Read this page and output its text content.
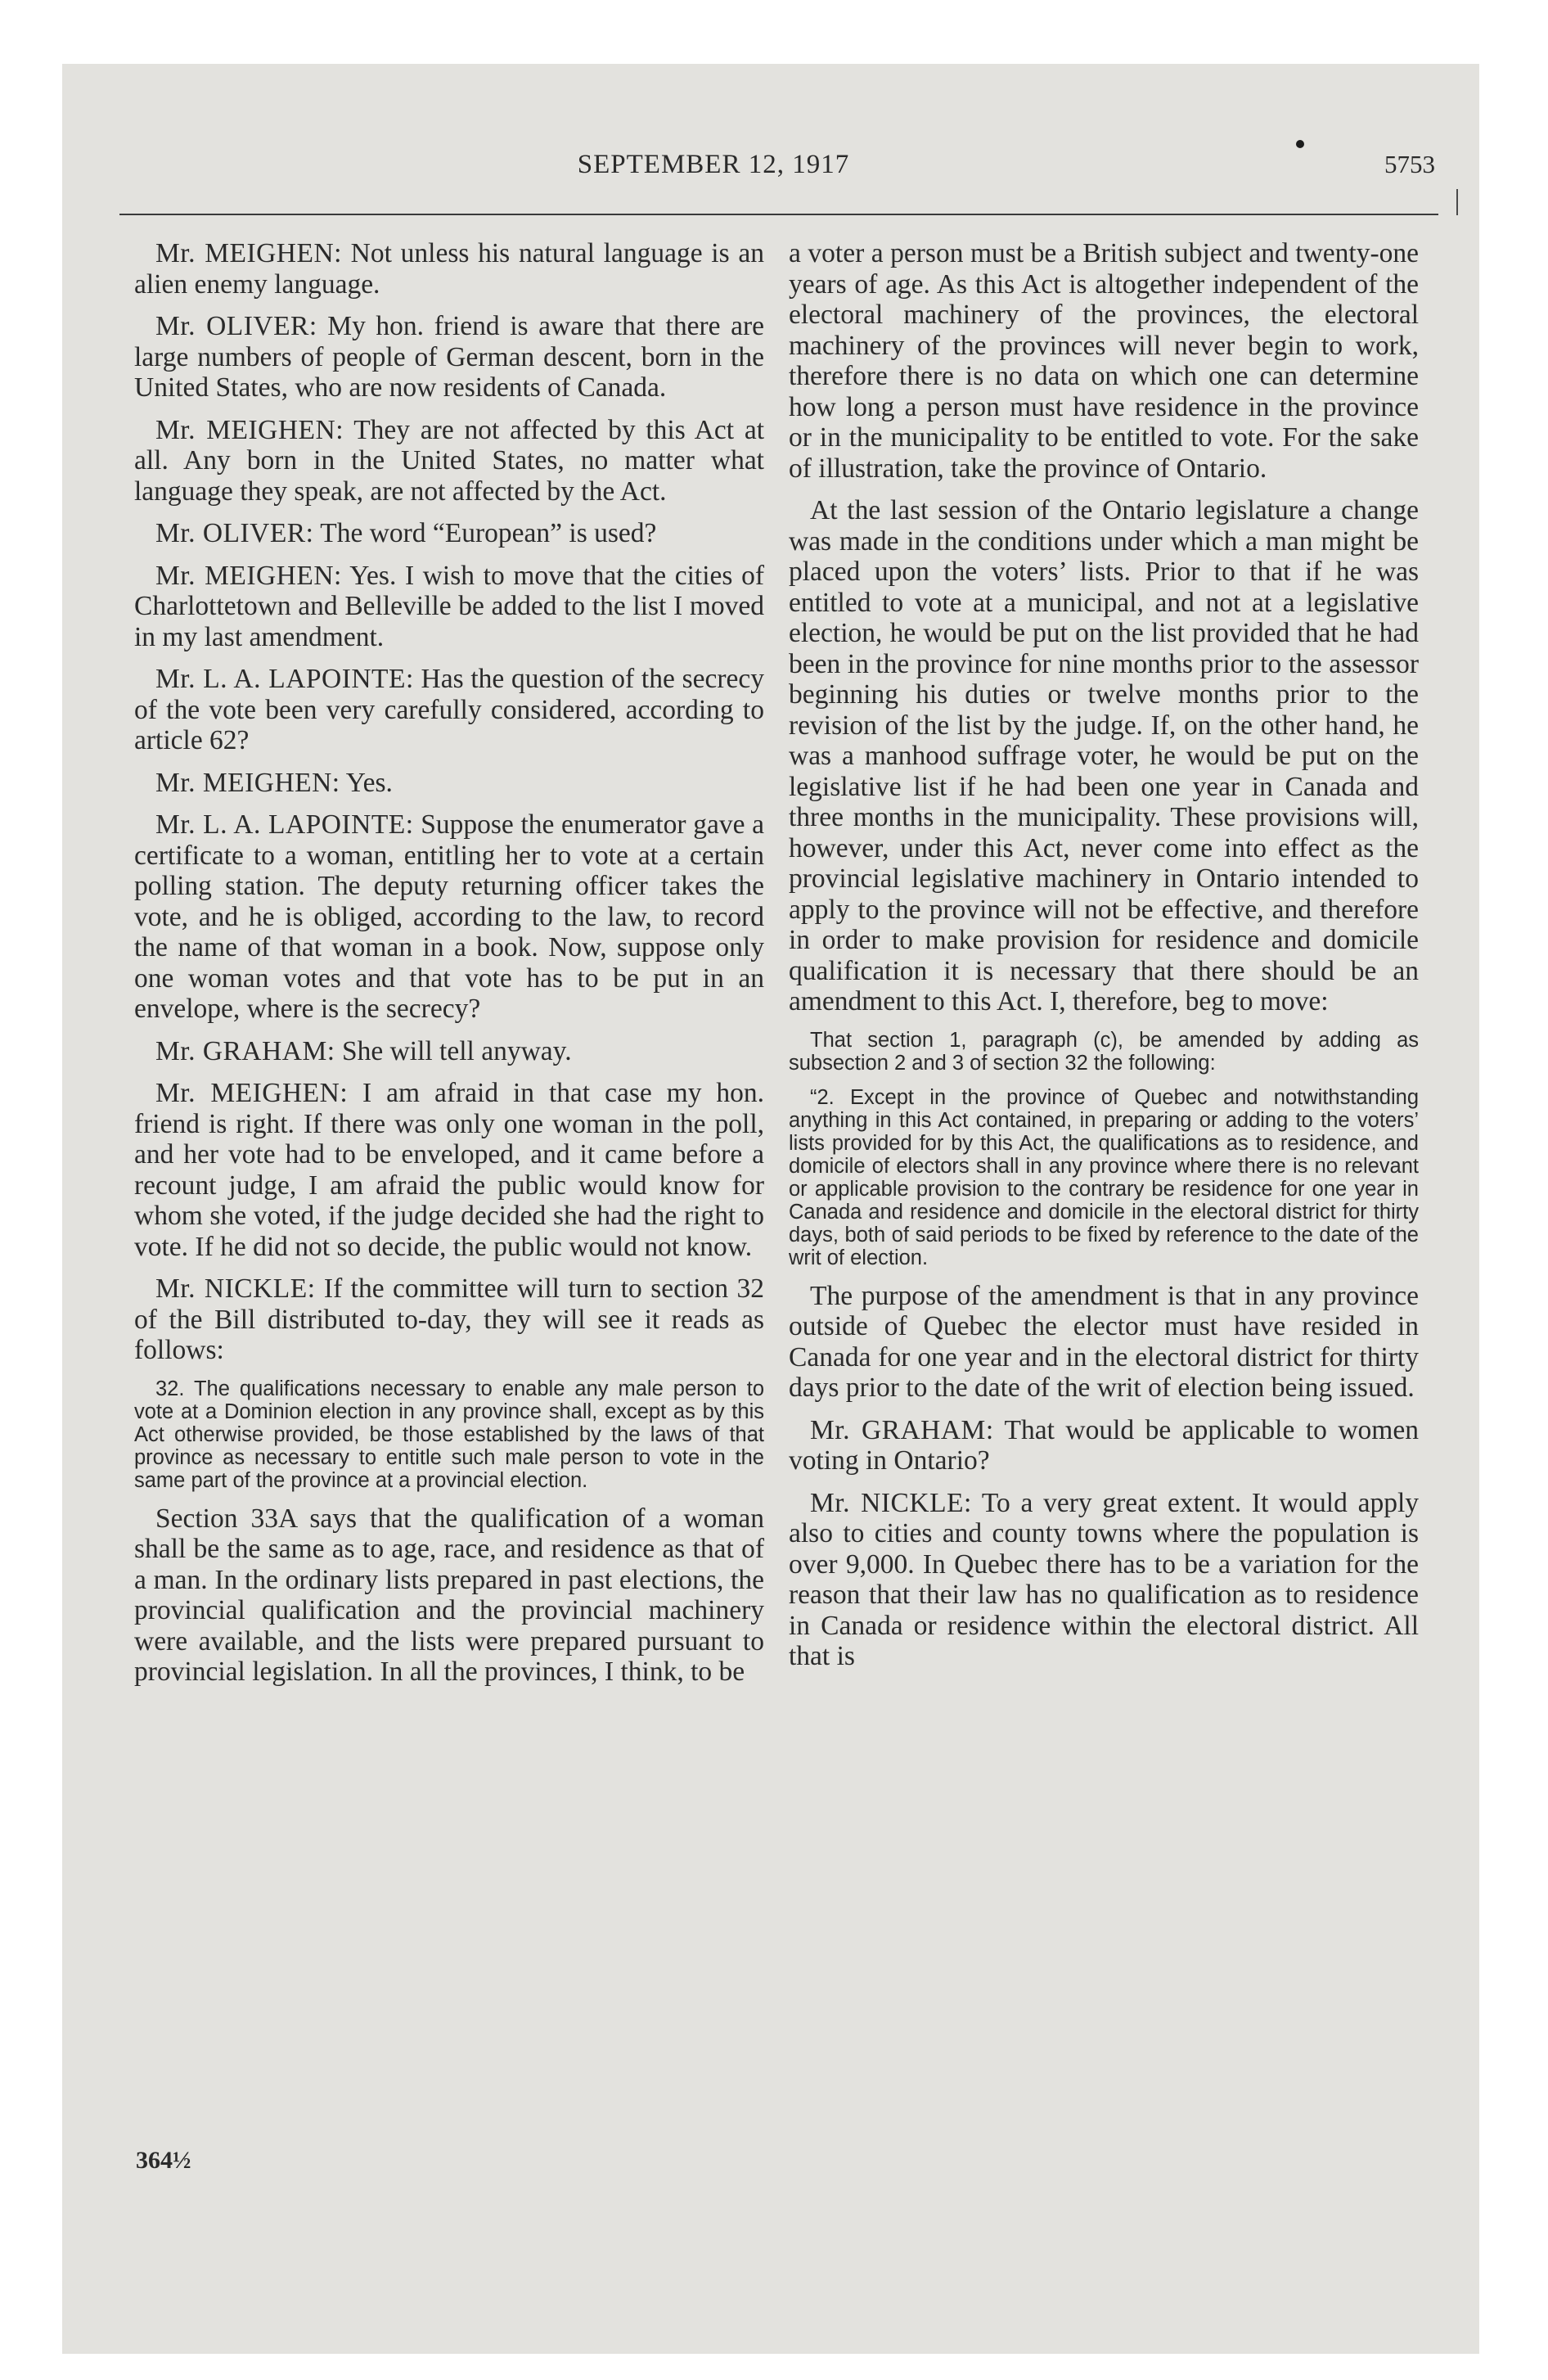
SEPTEMBER 12, 1917	5753

Mr. MEIGHEN: Not unless his natural language is an alien enemy language.

Mr. OLIVER: My hon. friend is aware that there are large numbers of people of German descent, born in the United States, who are now residents of Canada.

Mr. MEIGHEN: They are not affected by this Act at all. Any born in the United States, no matter what language they speak, are not affected by the Act.

Mr. OLIVER: The word “European” is used?

Mr. MEIGHEN: Yes. I wish to move that the cities of Charlottetown and Belleville be added to the list I moved in my last amendment.

Mr. L. A. LAPOINTE: Has the question of the secrecy of the vote been very carefully considered, according to article 62?

Mr. MEIGHEN: Yes.

Mr. L. A. LAPOINTE: Suppose the enumerator gave a certificate to a woman, entitling her to vote at a certain polling station. The deputy returning officer takes the vote, and he is obliged, according to the law, to record the name of that woman in a book. Now, suppose only one woman votes and that vote has to be put in an envelope, where is the secrecy?

Mr. GRAHAM: She will tell anyway.

Mr. MEIGHEN: I am afraid in that case my hon. friend is right. If there was only one woman in the poll, and her vote had to be enveloped, and it came before a recount judge, I am afraid the public would know for whom she voted, if the judge decided she had the right to vote. If he did not so decide, the public would not know.

Mr. NICKLE: If the committee will turn to section 32 of the Bill distributed to-day, they will see it reads as follows:

32. The qualifications necessary to enable any male person to vote at a Dominion election in any province shall, except as by this Act otherwise provided, be those established by the laws of that province as necessary to entitle such male person to vote in the same part of the province at a provincial election.

Section 33A says that the qualification of a woman shall be the same as to age, race, and residence as that of a man. In the ordinary lists prepared in past elections, the provincial qualification and the provincial machinery were available, and the lists were prepared pursuant to provincial legislation. In all the provinces, I think, to be

a voter a person must be a British subject and twenty-one years of age. As this Act is altogether independent of the electoral machinery of the provinces, the electoral machinery of the provinces will never begin to work, therefore there is no data on which one can determine how long a person must have residence in the province or in the municipality to be entitled to vote. For the sake of illustration, take the province of Ontario.

At the last session of the Ontario legislature a change was made in the conditions under which a man might be placed upon the voters’ lists. Prior to that if he was entitled to vote at a municipal, and not at a legislative election, he would be put on the list provided that he had been in the province for nine months prior to the assessor beginning his duties or twelve months prior to the revision of the list by the judge. If, on the other hand, he was a manhood suffrage voter, he would be put on the legislative list if he had been one year in Canada and three months in the municipality. These provisions will, however, under this Act, never come into effect as the provincial legislative machinery in Ontario intended to apply to the province will not be effective, and therefore in order to make provision for residence and domicile qualification it is necessary that there should be an amendment to this Act. I, therefore, beg to move:

That section 1, paragraph (c), be amended by adding as subsection 2 and 3 of section 32 the following:

“2. Except in the province of Quebec and notwithstanding anything in this Act contained, in preparing or adding to the voters’ lists provided for by this Act, the qualifications as to residence, and domicile of electors shall in any province where there is no relevant or applicable provision to the contrary be residence for one year in Canada and residence and domicile in the electoral district for thirty days, both of said periods to be fixed by reference to the date of the writ of election.

The purpose of the amendment is that in any province outside of Quebec the elector must have resided in Canada for one year and in the electoral district for thirty days prior to the date of the writ of election being issued.

Mr. GRAHAM: That would be applicable to women voting in Ontario?

Mr. NICKLE: To a very great extent. It would apply also to cities and county towns where the population is over 9,000. In Quebec there has to be a variation for the reason that their law has no qualification as to residence in Canada or residence within the electoral district. All that is

364½
